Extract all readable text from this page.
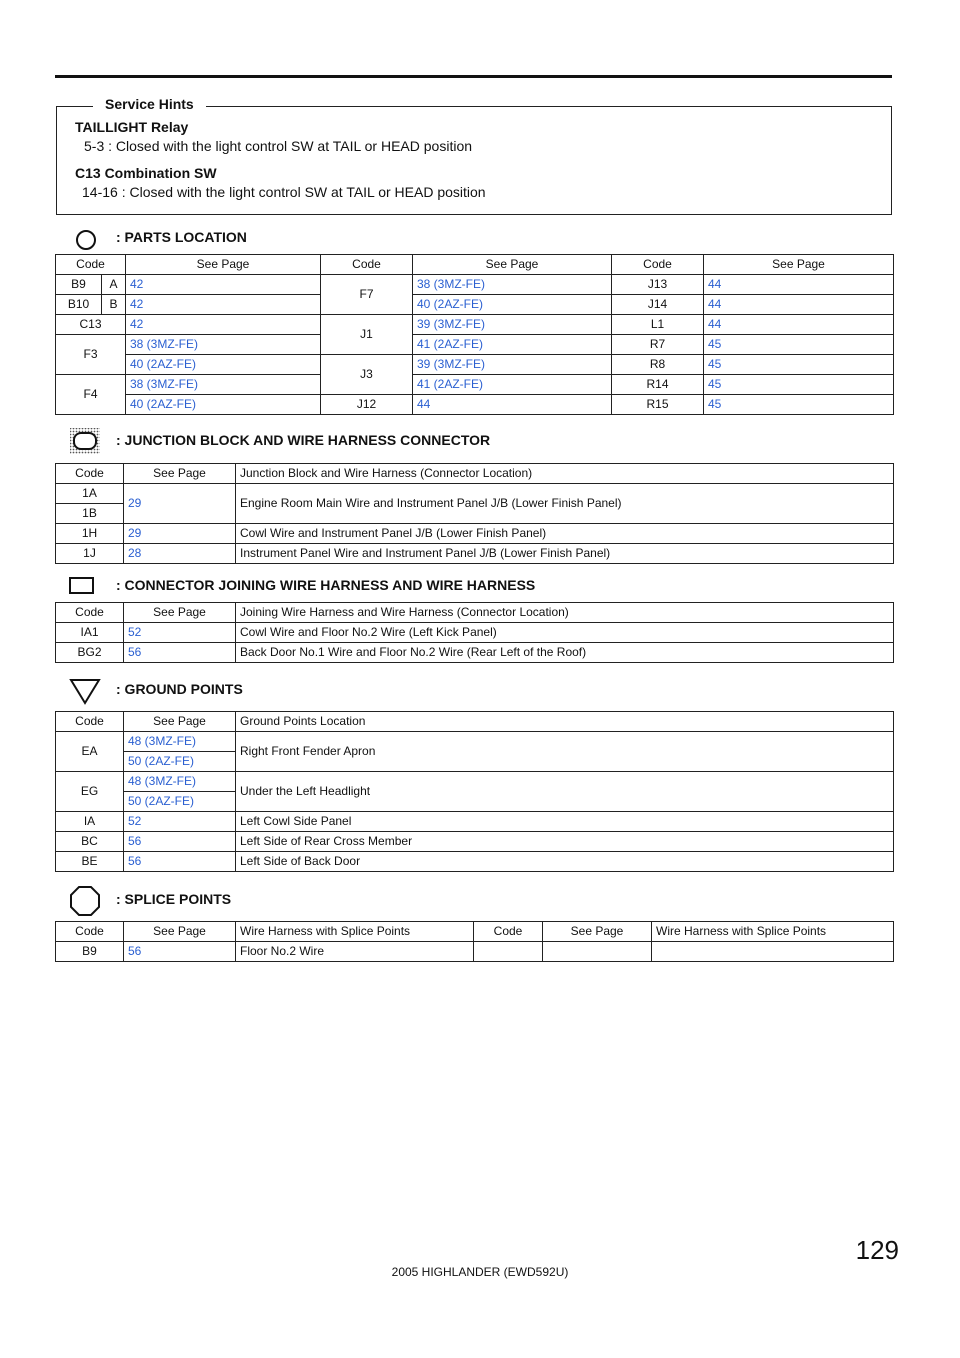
Service Hints
TAILLIGHT Relay
5-3 : Closed with the light control SW at TAIL or HEAD position
C13 Combination SW
14-16 : Closed with the light control SW at TAIL or HEAD position
: PARTS LOCATION
Code		See Page	Code	See Page	Code	See Page
B9	A	42	F7	38 (3MZ-FE)	J13	44
B10	B	42		40 (2AZ-FE)	J14	44
C13		42	J1	39 (3MZ-FE)	L1	44
F3		38 (3MZ-FE)		41 (2AZ-FE)	R7	45
		40 (2AZ-FE)	J3	39 (3MZ-FE)	R8	45
F4		38 (3MZ-FE)		41 (2AZ-FE)	R14	45
		40 (2AZ-FE)	J12	44	R15	45
: JUNCTION BLOCK AND WIRE HARNESS CONNECTOR
Code	See Page	Junction Block and Wire Harness (Connector Location)
1A	29	Engine Room Main Wire and Instrument Panel J/B (Lower Finish Panel)
1B		
1H	29	Cowl Wire and Instrument Panel J/B (Lower Finish Panel)
1J	28	Instrument Panel Wire and Instrument Panel J/B (Lower Finish Panel)
: CONNECTOR JOINING WIRE HARNESS AND WIRE HARNESS
Code	See Page	Joining Wire Harness and Wire Harness (Connector Location)
IA1	52	Cowl Wire and Floor No.2 Wire (Left Kick Panel)
BG2	56	Back Door No.1 Wire and Floor No.2 Wire (Rear Left of the Roof)
: GROUND POINTS
Code	See Page	Ground Points Location
EA	48 (3MZ-FE)	Right Front Fender Apron
	50 (2AZ-FE)	
EG	48 (3MZ-FE)	Under the Left Headlight
	50 (2AZ-FE)	
IA	52	Left Cowl Side Panel
BC	56	Left Side of Rear Cross Member
BE	56	Left Side of Back Door
: SPLICE POINTS
Code	See Page	Wire Harness with Splice Points	Code	See Page	Wire Harness with Splice Points
B9	56	Floor No.2 Wire			
129
2005 HIGHLANDER (EWD592U)
